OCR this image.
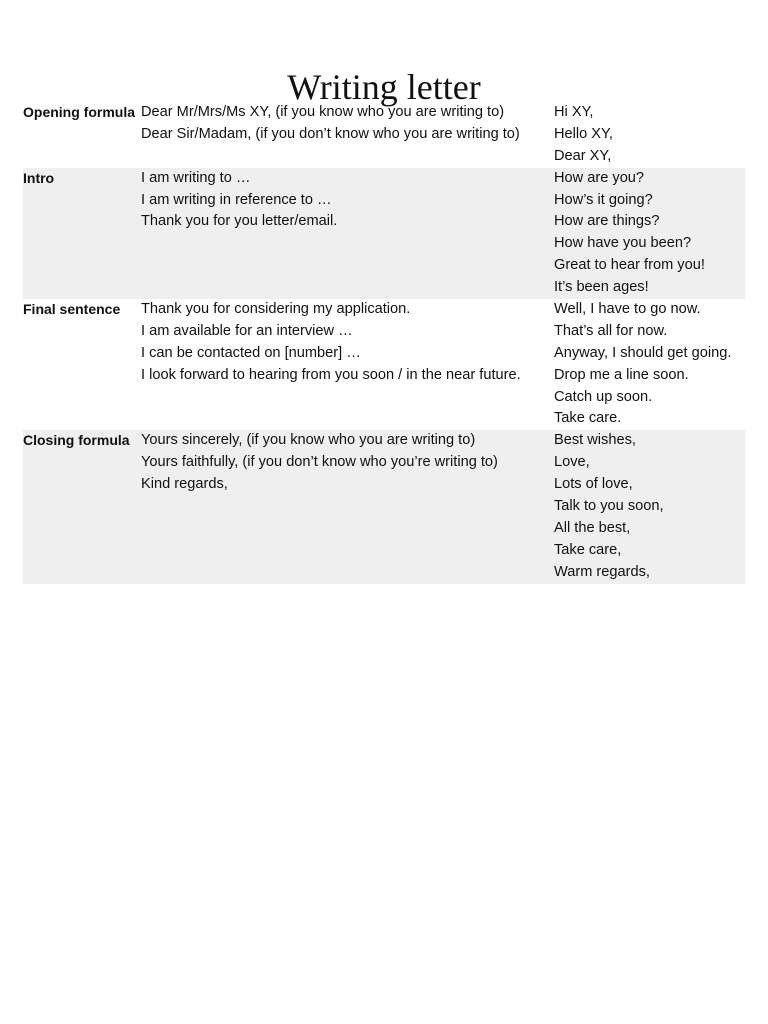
Writing letter
Opening formula Dear Mr/Mrs/Ms XY, (if you know who you are writing to)
Dear Sir/Madam, (if you don’t know who you are writing to)
Hi XY,
Hello XY,
Dear XY,
Intro	I am writing to …
I am writing in reference to …
Thank you for you letter/email.
How are you?
How’s it going?
How are things?
How have you been?
Great to hear from you!
It’s been ages!
Final sentence	Thank you for considering my application.
I am available for an interview …
I can be contacted on [number] …
I look forward to hearing from you soon / in the near future.
Well, I have to go now.
That’s all for now.
Anyway, I should get going.
Drop me a line soon.
Catch up soon.
Take care.
Closing formula Yours sincerely, (if you know who you are writing to)
Yours faithfully, (if you don’t know who you’re writing to)
Kind regards,
Best wishes,
Love,
Lots of love,
Talk to you soon,
All the best,
Take care,
Warm regards,
